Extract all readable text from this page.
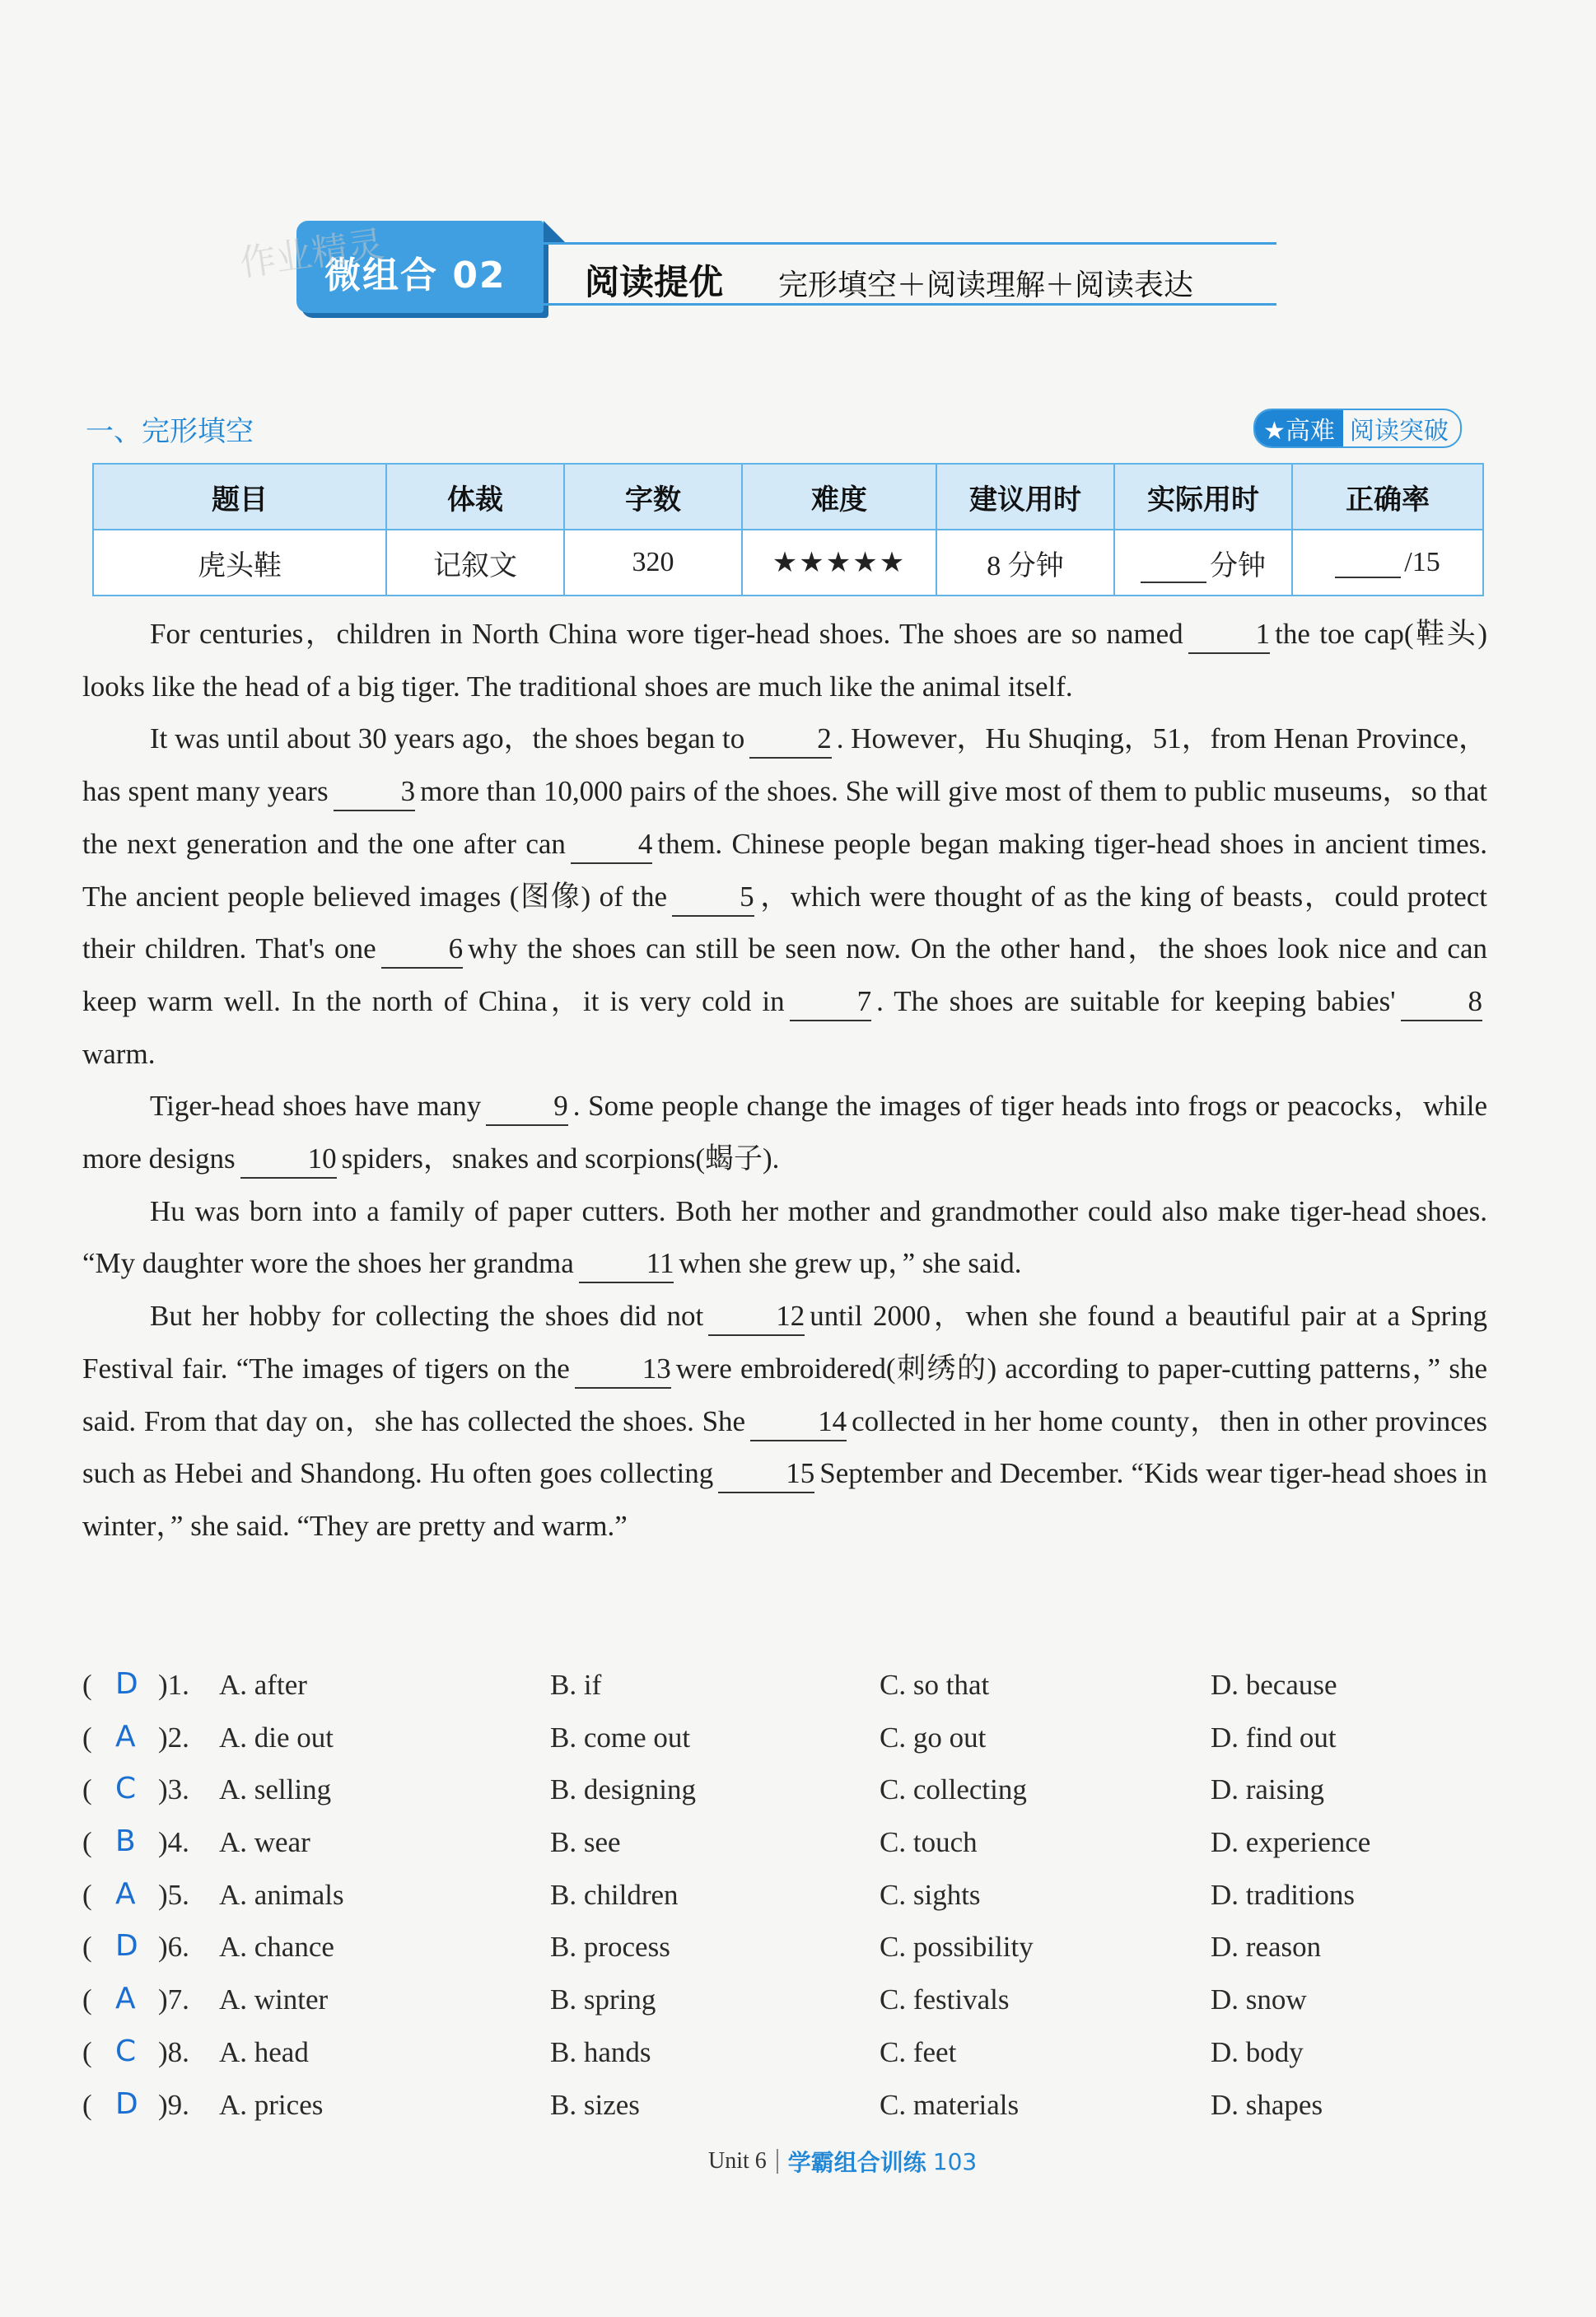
微组合 02
作业精灵	阅读提优 完形填空＋阅读理解＋阅读表达
一、完形填空	★高难 阅读突破
题目	体裁	字数	难度	建议用时	实际用时	正确率
虎头鞋	记叙文	320	★★★★★	8 分钟	分钟	/15

For centuries，children in North China wore tiger-head shoes. The shoes are so named	1 the toe cap(鞋头) looks like the head of a big tiger. The traditional shoes are much like the animal itself.

It was until about 30 years ago，the shoes began to	2 . However，Hu Shuqing，51，from Henan Province，has spent many years	3 more than 10,000 pairs of the shoes. She will give most of them to public museums，so that the next generation and the one after can	4 them. Chinese people began making tiger-head shoes in ancient times. The ancient people believed images (图像) of the	5 ，which were thought of as the king of beasts，could protect their children. That's one	6 why the shoes can still be seen now. On the other hand，the shoes look nice and can keep warm well. In the north of China，it is very cold in	7 . The shoes are suitable for keeping babies'	8warm.

Tiger-head shoes have many	9 . Some people change the images of tiger heads into frogs or peacocks，while more designs	10 spiders，snakes and scorpions(蝎子).

Hu was born into a family of paper cutters. Both her mother and grandmother could also make tiger-head shoes. “My daughter wore the shoes her grandma	11 when she grew up，” she said.

But her hobby for collecting the shoes did not	12 until 2000，when she found a beautiful pair at a Spring Festival fair. “The images of tigers on the	13 were embroidered(刺绣的) according to paper-cutting patterns，” she said. From that day on，she has collected the shoes. She	14 collected in her home county，then in other provinces such as Hebei and Shandong. Hu often goes collecting	15 September and December. “Kids wear tiger-head shoes in winter，” she said. “They are pretty and warm.”

( D )1. A. after	B. if	C. so that	D. because
( A )2. A. die out	B. come out	C. go out	D. find out
( C )3. A. selling	B. designing	C. collecting	D. raising
( B )4. A. wear	B. see	C. touch	D. experience
( A )5. A. animals	B. children	C. sights	D. traditions
( D )6. A. chance	B. process	C. possibility	D. reason
( A )7. A. winter	B. spring	C. festivals	D. snow
( C )8. A. head	B. hands	C. feet	D. body
( D )9. A. prices	B. sizes	C. materials	D. shapes
Unit 6 学霸组合训练 103
